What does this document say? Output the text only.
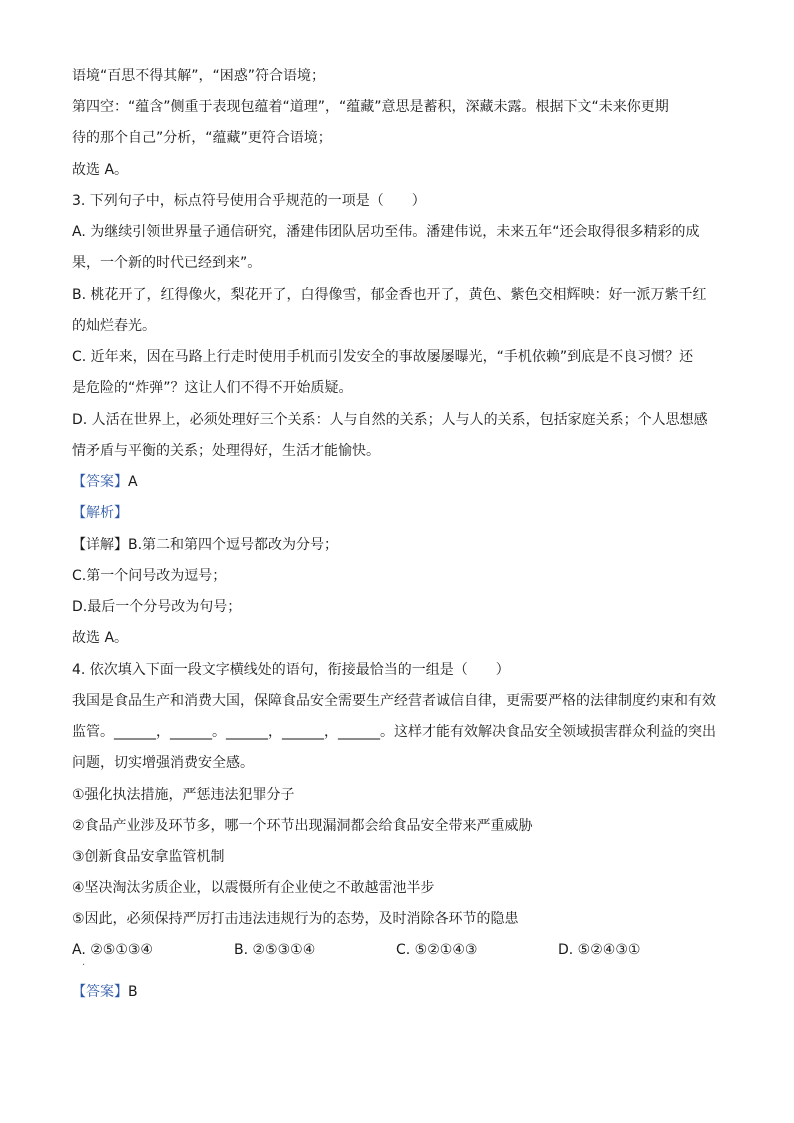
语境“百思不得其解”，“困惑”符合语境；
第四空：“蕴含”侧重于表现包蕴着“道理”，“蕴藏”意思是蓄积，深藏未露。根据下文“未来你更期
待的那个自己”分析，“蕴藏”更符合语境；
故选 A。
3. 下列句子中，标点符号使用合乎规范的一项是（　　）
A. 为继续引领世界量子通信研究，潘建伟团队居功至伟。潘建伟说，未来五年“还会取得很多精彩的成
果，一个新的时代已经到来”。
B. 桃花开了，红得像火，梨花开了，白得像雪，郁金香也开了，黄色、紫色交相辉映：好一派万紫千红
的灿烂春光。
C. 近年来，因在马路上行走时使用手机而引发安全的事故屡屡曝光，“手机依赖”到底是不良习惯？还
是危险的“炸弹”？这让人们不得不开始质疑。
D. 人活在世界上，必须处理好三个关系：人与自然的关系；人与人的关系，包括家庭关系；个人思想感
情矛盾与平衡的关系；处理得好，生活才能愉快。
【答案】A
【解析】
【详解】B.第二和第四个逗号都改为分号；
C.第一个问号改为逗号；
D.最后一个分号改为句号；
故选 A。
4. 依次填入下面一段文字横线处的语句，衔接最恰当的一组是（　　）
我国是食品生产和消费大国，保障食品安全需要生产经营者诚信自律，更需要严格的法律制度约束和有效
监管。______，______。______，______，______。这样才能有效解决食品安全领域损害群众利益的突出
问题，切实增强消费安全感。
①强化执法措施，严惩违法犯罪分子
②食品产业涉及环节多，哪一个环节出现漏洞都会给食品安全带来严重威胁
③创新食品安拿监管机制
④坚决淘汰劣质企业，以震慑所有企业使之不敢越雷池半步
⑤因此，必须保持严厉打击违法违规行为的态势，及时消除各环节的隐患
A. ②⑤①③④	B. ②⑤③①④	C. ⑤②①④③	D. ⑤②④③①
·
【答案】B
